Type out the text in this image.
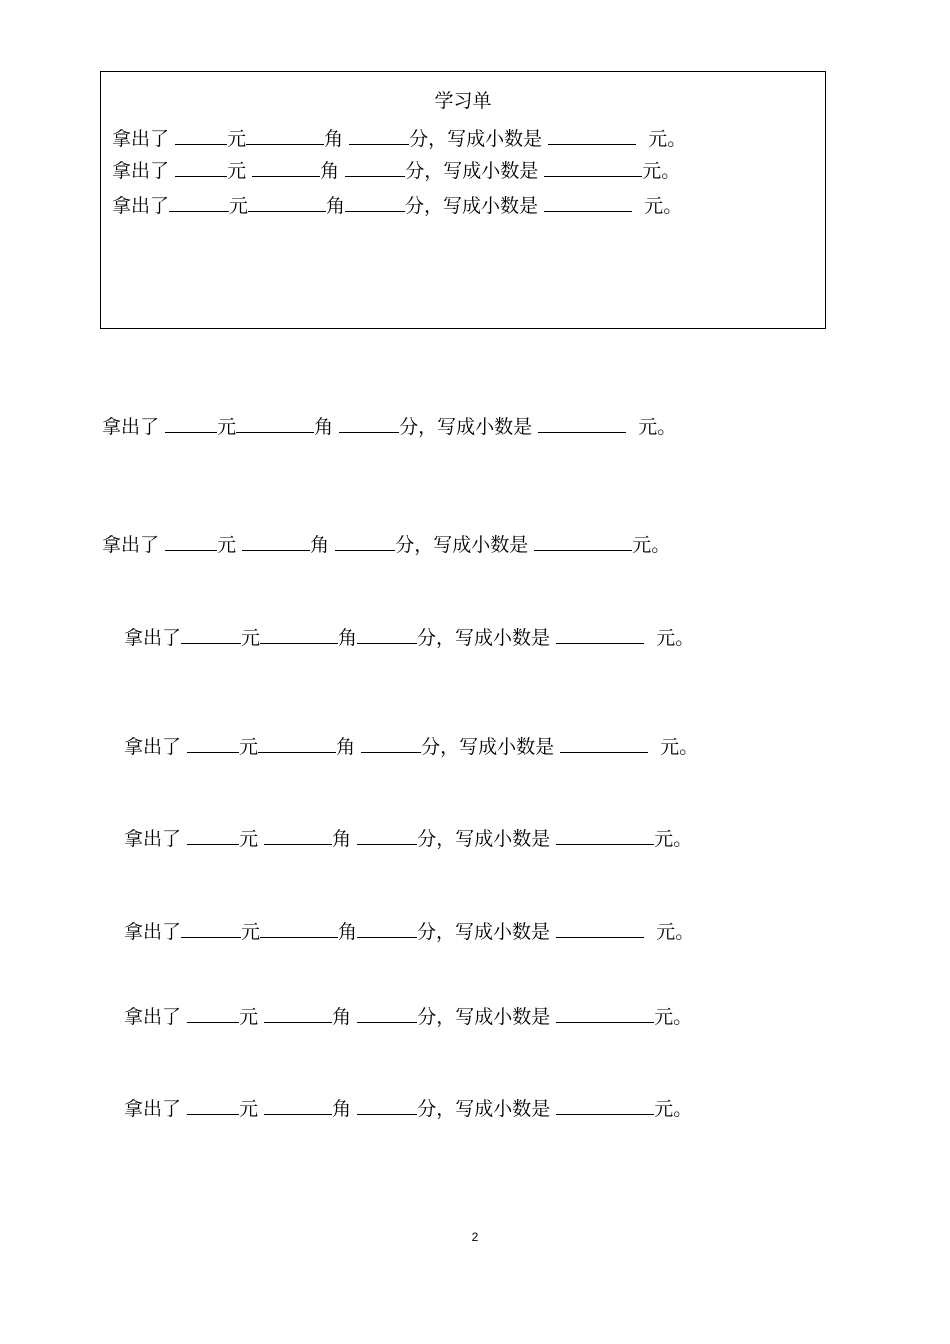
学习单
拿出了	元	角	分，写成小数是	元。
拿出了	元	角	分，写成小数是	元。
拿出了	元	角	分，写成小数是	元。
拿出了	元	角	分，写成小数是	元。
拿出了	元	角	分，写成小数是	元。
拿出了	元	角	分，写成小数是	元。
拿出了	元	角	分，写成小数是	元。
拿出了	元	角	分，写成小数是	元。
拿出了	元	角	分，写成小数是	元。
拿出了	元	角	分，写成小数是	元。
拿出了	元	角	分，写成小数是	元。
2
